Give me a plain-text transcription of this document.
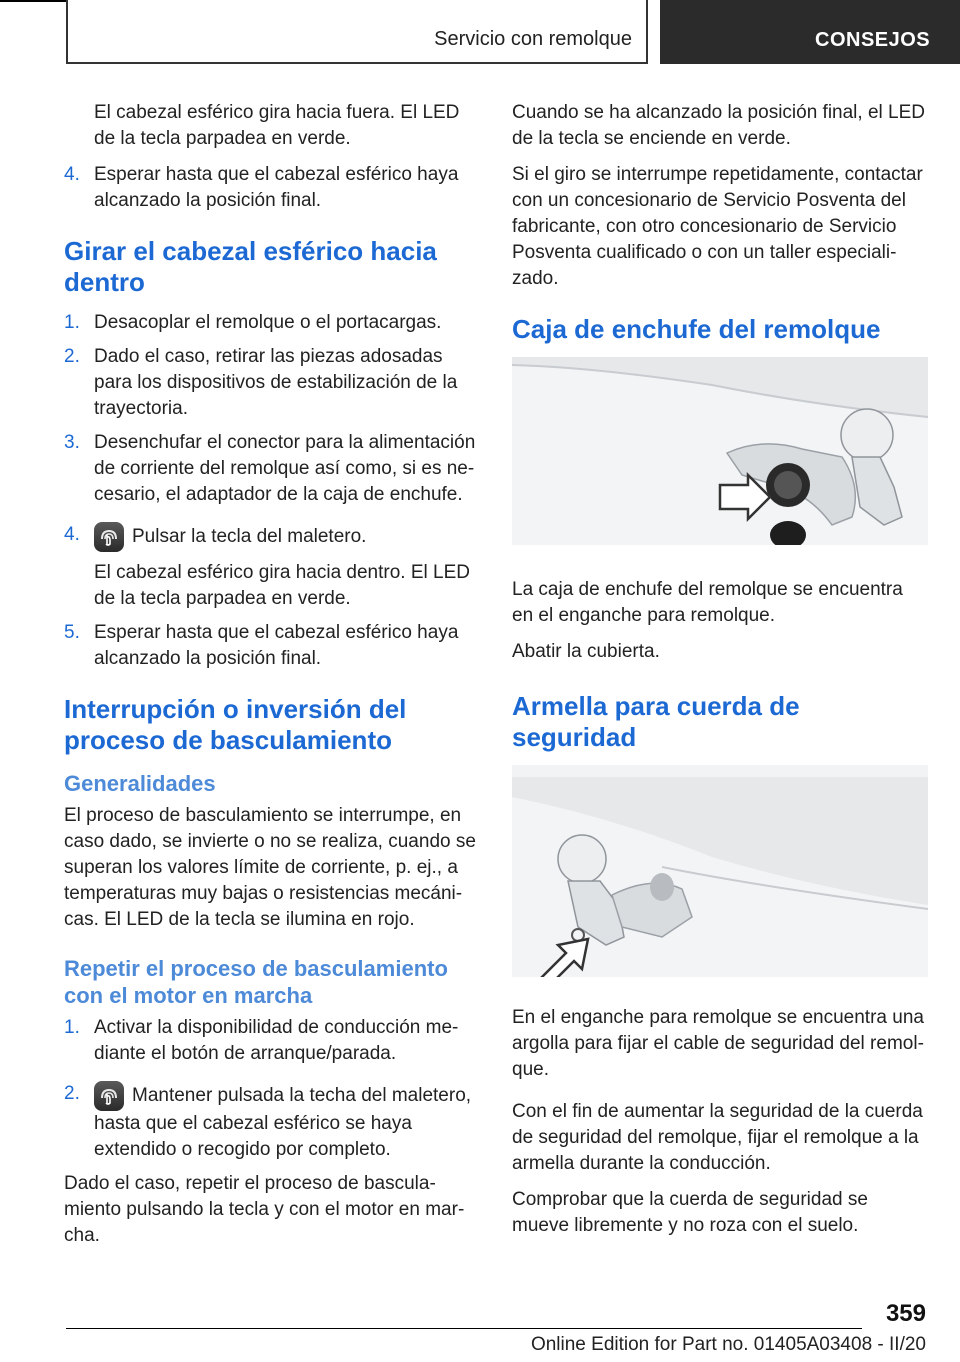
Servicio con remolque	CONSEJOS
El cabezal esférico gira hacia fuera. El LED de la tecla parpadea en verde.
4. Esperar hasta que el cabezal esférico haya alcanzado la posición final.
Girar el cabezal esférico hacia dentro
1. Desacoplar el remolque o el portacargas.
2. Dado el caso, retirar las piezas adosadas para los dispositivos de estabilización de la trayectoria.
3. Desenchufar el conector para la alimentación de corriente del remolque así como, si es necesario, el adaptador de la caja de enchufe.
4.	Pulsar la tecla del maletero.
El cabezal esférico gira hacia dentro. El LED de la tecla parpadea en verde.
5. Esperar hasta que el cabezal esférico haya alcanzado la posición final.
Interrupción o inversión del proceso de basculamiento
Generalidades

El proceso de basculamiento se interrumpe, en caso dado, se invierte o no se realiza, cuando se superan los valores límite de corriente, p. ej., a temperaturas muy bajas o resistencias mecánicas. El LED de la tecla se ilumina en rojo.

Repetir el proceso de basculamiento con el motor en marcha
1. Activar la disponibilidad de conducción mediante el botón de arranque/parada.
2.	Mantener pulsada la techa del maletero, hasta que el cabezal esférico se haya extendido o recogido por completo.

Dado el caso, repetir el proceso de basculamiento pulsando la tecla y con el motor en marcha.

Cuando se ha alcanzado la posición final, el LED de la tecla se enciende en verde.

Si el giro se interrumpe repetidamente, contactar con un concesionario de Servicio Posventa del fabricante, con otro concesionario de Servicio Posventa cualificado o con un taller especializado.

Caja de enchufe del remolque

La caja de enchufe del remolque se encuentra en el enganche para remolque.

Abatir la cubierta.

Armella para cuerda de seguridad

En el enganche para remolque se encuentra una argolla para fijar el cable de seguridad del remolque.

Con el fin de aumentar la seguridad de la cuerda de seguridad del remolque, fijar el remolque a la armella durante la conducción.

Comprobar que la cuerda de seguridad se mueve libremente y no roza con el suelo.

359
Online Edition for Part no. 01405A03408 - II/20
